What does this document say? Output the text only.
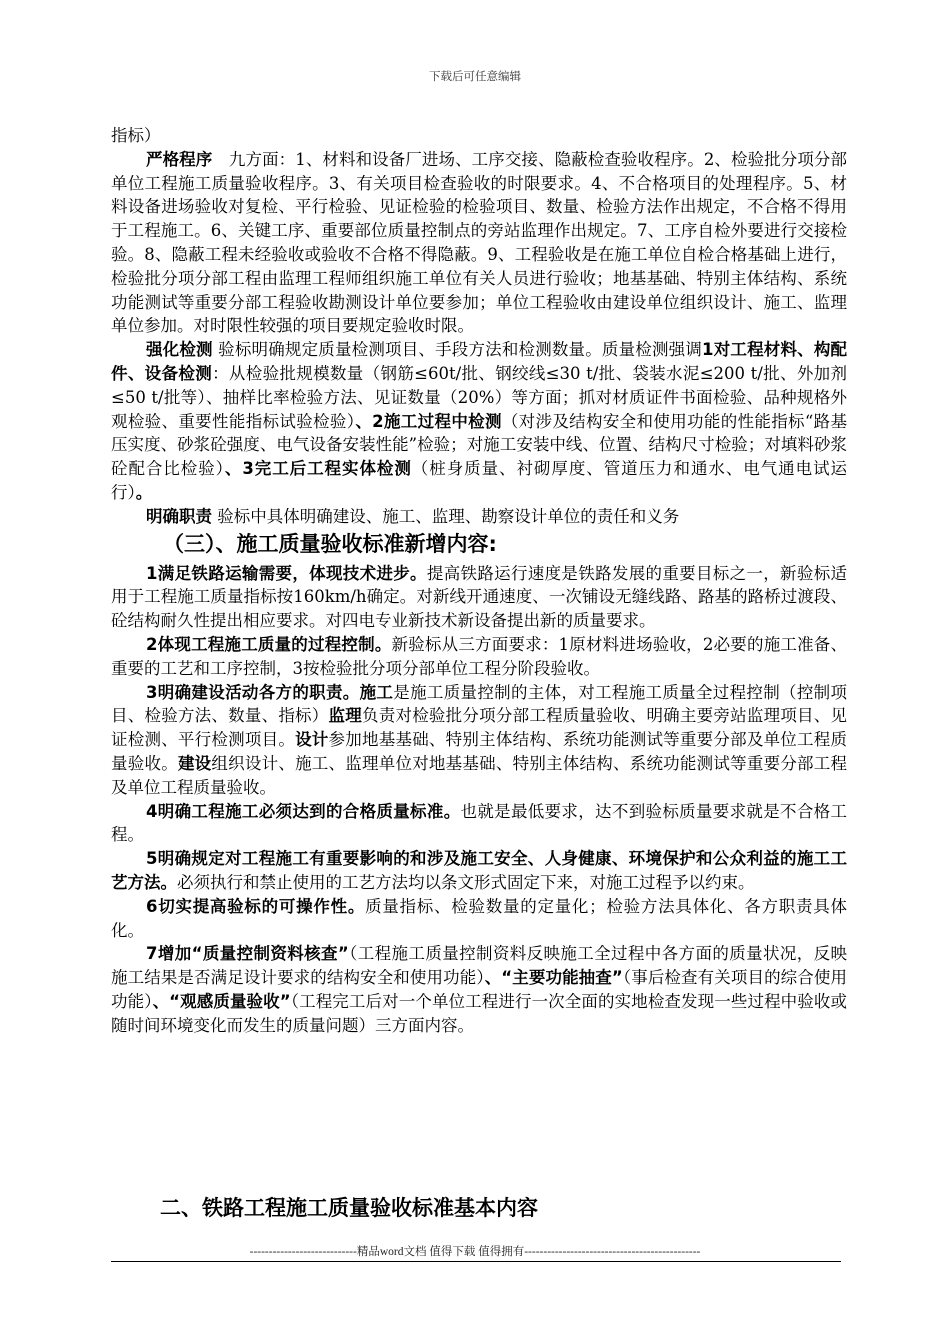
下载后可任意编辑

指标）

严格程序　九方面：1、材料和设备厂进场、工序交接、隐蔽检查验收程序。2、检验批分项分部单位工程施工质量验收程序。3、有关项目检查验收的时限要求。4、不合格项目的处理程序。5、材料设备进场验收对复检、平行检验、见证检验的检验项目、数量、检验方法作出规定，不合格不得用于工程施工。6、关键工序、重要部位质量控制点的旁站监理作出规定。7、工序自检外要进行交接检验。8、隐蔽工程未经验收或验收不合格不得隐蔽。9、工程验收是在施工单位自检合格基础上进行，检验批分项分部工程由监理工程师组织施工单位有关人员进行验收；地基基础、特别主体结构、系统功能测试等重要分部工程验收勘测设计单位要参加；单位工程验收由建设单位组织设计、施工、监理单位参加。对时限性较强的项目要规定验收时限。

强化检测 验标明确规定质量检测项目、手段方法和检测数量。质量检测强调1对工程材料、构配件、设备检测：从检验批规模数量（钢筋≤60t/批、钢绞线≤30 t/批、袋装水泥≤200 t/批、外加剂≤50 t/批等）、抽样比率检验方法、见证数量（20%）等方面；抓对材质证件书面检验、品种规格外观检验、重要性能指标试验检验）、2施工过程中检测（对涉及结构安全和使用功能的性能指标“路基压实度、砂浆砼强度、电气设备安装性能”检验；对施工安装中线、位置、结构尺寸检验；对填料砂浆砼配合比检验）、3完工后工程实体检测（桩身质量、衬砌厚度、管道压力和通水、电气通电试运行）。

明确职责 验标中具体明确建设、施工、监理、勘察设计单位的责任和义务

（三）、施工质量验收标准新增内容:

1满足铁路运输需要，体现技术进步。提高铁路运行速度是铁路发展的重要目标之一，新验标适用于工程施工质量指标按160km/h确定。对新线开通速度、一次铺设无缝线路、路基的路桥过渡段、砼结构耐久性提出相应要求。对四电专业新技术新设备提出新的质量要求。

2体现工程施工质量的过程控制。新验标从三方面要求：1原材料进场验收，2必要的施工准备、重要的工艺和工序控制，3按检验批分项分部单位工程分阶段验收。

3明确建设活动各方的职责。施工是施工质量控制的主体，对工程施工质量全过程控制（控制项目、检验方法、数量、指标）监理负责对检验批分项分部工程质量验收、明确主要旁站监理项目、见证检测、平行检测项目。设计参加地基基础、特别主体结构、系统功能测试等重要分部及单位工程质量验收。建设组织设计、施工、监理单位对地基基础、特别主体结构、系统功能测试等重要分部工程及单位工程质量验收。

4明确工程施工必须达到的合格质量标准。也就是最低要求，达不到验标质量要求就是不合格工程。

5明确规定对工程施工有重要影响的和涉及施工安全、人身健康、环境保护和公众利益的施工工艺方法。必须执行和禁止使用的工艺方法均以条文形式固定下来，对施工过程予以约束。

6切实提高验标的可操作性。质量指标、检验数量的定量化；检验方法具体化、各方职责具体化。

7增加“质量控制资料核查”（工程施工质量控制资料反映施工全过程中各方面的质量状况，反映施工结果是否满足设计要求的结构安全和使用功能）、“主要功能抽查”（事后检查有关项目的综合使用功能）、“观感质量验收”（工程完工后对一个单位工程进行一次全面的实地检查发现一些过程中验收或随时间环境变化而发生的质量问题）三方面内容。

二、铁路工程施工质量验收标准基本内容
----------------------------精品word文档 值得下载 值得拥有----------------------------------------------
